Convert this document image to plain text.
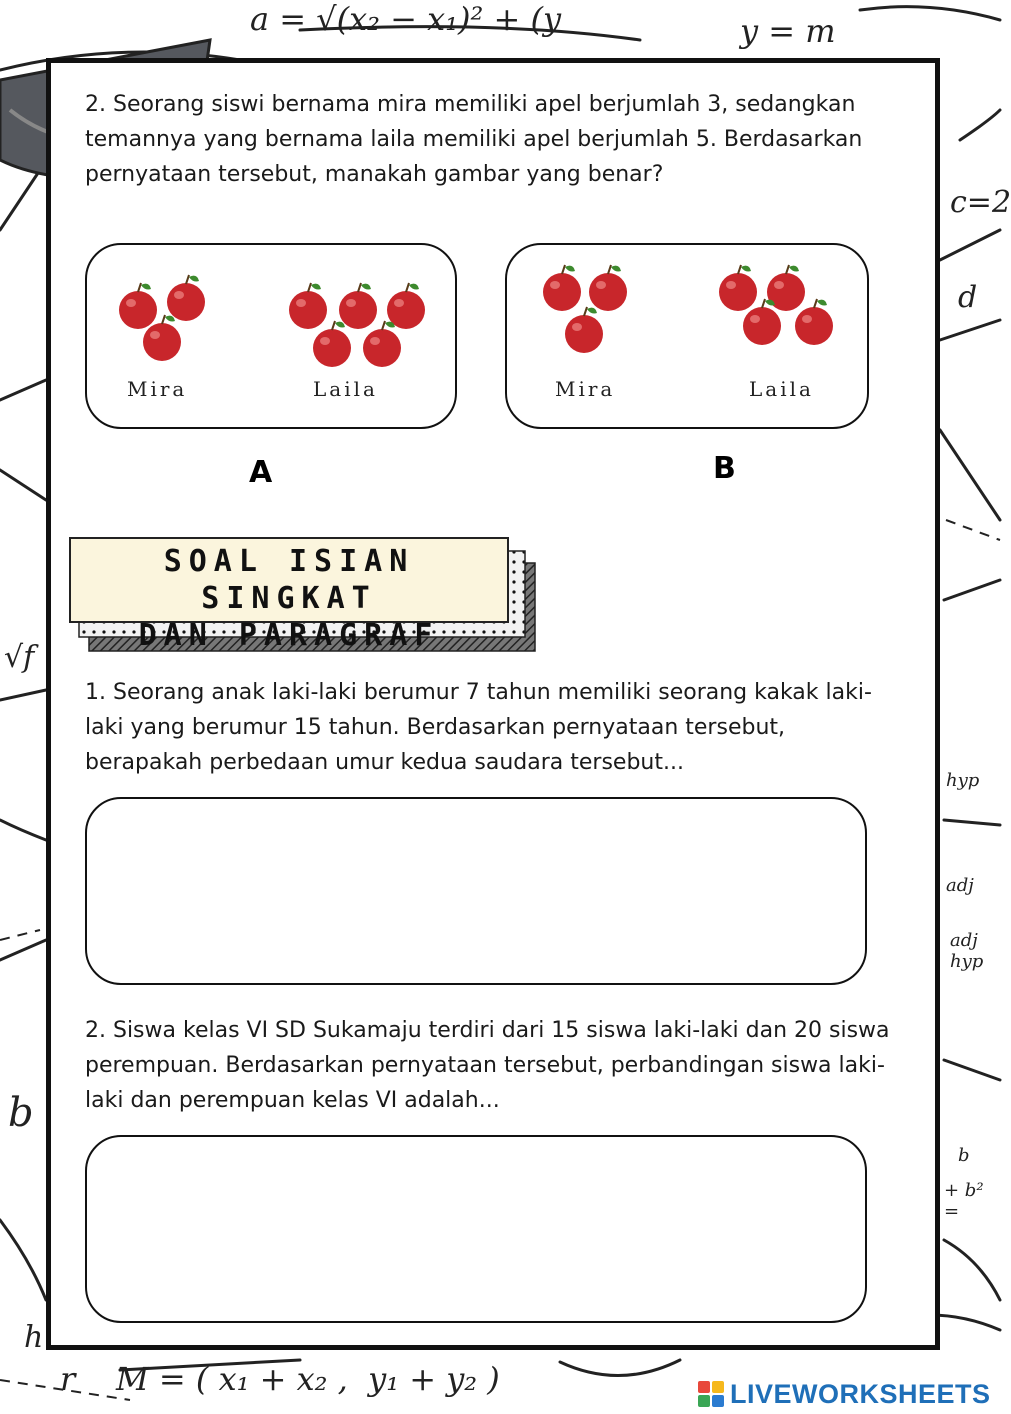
a = √(x₂ − x₁)² + (y	y = m
c=2
d
√f
hyp
adj
adj
hyp
b
b
+ b² =
h
r    M = ( x₁ + x₂ ,  y₁ + y₂ )

2. Seorang siswi bernama mira memiliki apel berjumlah 3, sedangkan temannya yang bernama laila memiliki apel berjumlah 5. Berdasarkan pernyataan tersebut, manakah gambar yang benar?

Mira	Laila	Mira	Laila
A	B
SOAL ISIAN SINGKAT
DAN PARAGRAF

1. Seorang anak laki-laki berumur 7 tahun memiliki seorang kakak laki-laki yang berumur 15 tahun. Berdasarkan pernyataan tersebut, berapakah perbedaan umur kedua saudara tersebut...

2. Siswa kelas VI SD Sukamaju terdiri dari 15 siswa laki-laki dan 20 siswa perempuan. Berdasarkan pernyataan tersebut, perbandingan siswa laki-laki dan perempuan kelas VI adalah...

LIVEWORKSHEETS
